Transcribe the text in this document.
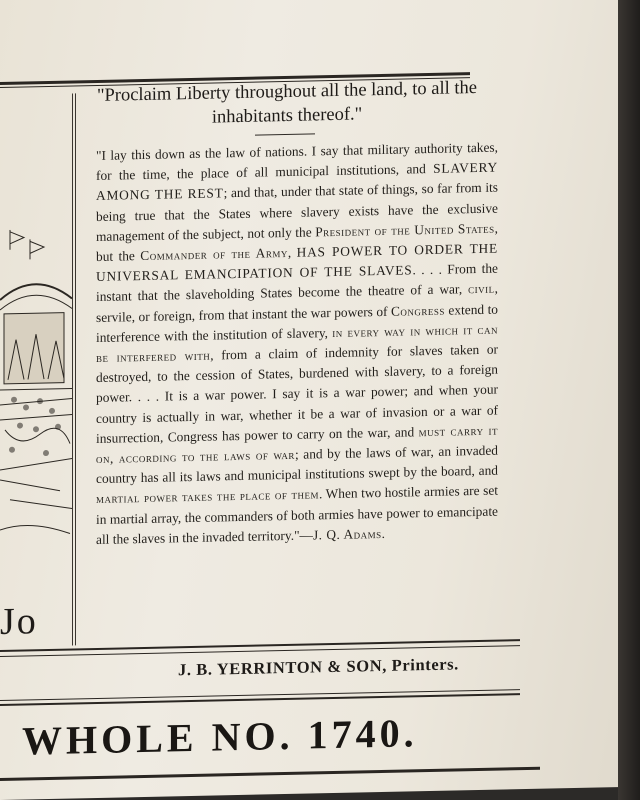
Jo
"Proclaim Liberty throughout all the land, to all the inhabitants thereof."
"I lay this down as the law of nations. I say that military authority takes, for the time, the place of all municipal institutions, and SLAVERY AMONG THE REST; and that, under that state of things, so far from its being true that the States where slavery exists have the exclusive management of the subject, not only the President of the United States, but the Commander of the Army, HAS POWER TO ORDER THE UNIVERSAL EMANCIPATION OF THE SLAVES. . . . From the instant that the slaveholding States become the theatre of a war, civil, servile, or foreign, from that instant the war powers of Congress extend to interference with the institution of slavery, in every way in which it can be interfered with, from a claim of indemnity for slaves taken or destroyed, to the cession of States, burdened with slavery, to a foreign power. . . . It is a war power. I say it is a war power; and when your country is actually in war, whether it be a war of invasion or a war of insurrection, Congress has power to carry on the war, and must carry it on, according to the laws of war; and by the laws of war, an invaded country has all its laws and municipal institutions swept by the board, and martial power takes the place of them. When two hostile armies are set in martial array, the commanders of both armies have power to emancipate all the slaves in the invaded territory."—J. Q. Adams.
J. B. YERRINTON & SON, Printers.
WHOLE NO. 1740.
